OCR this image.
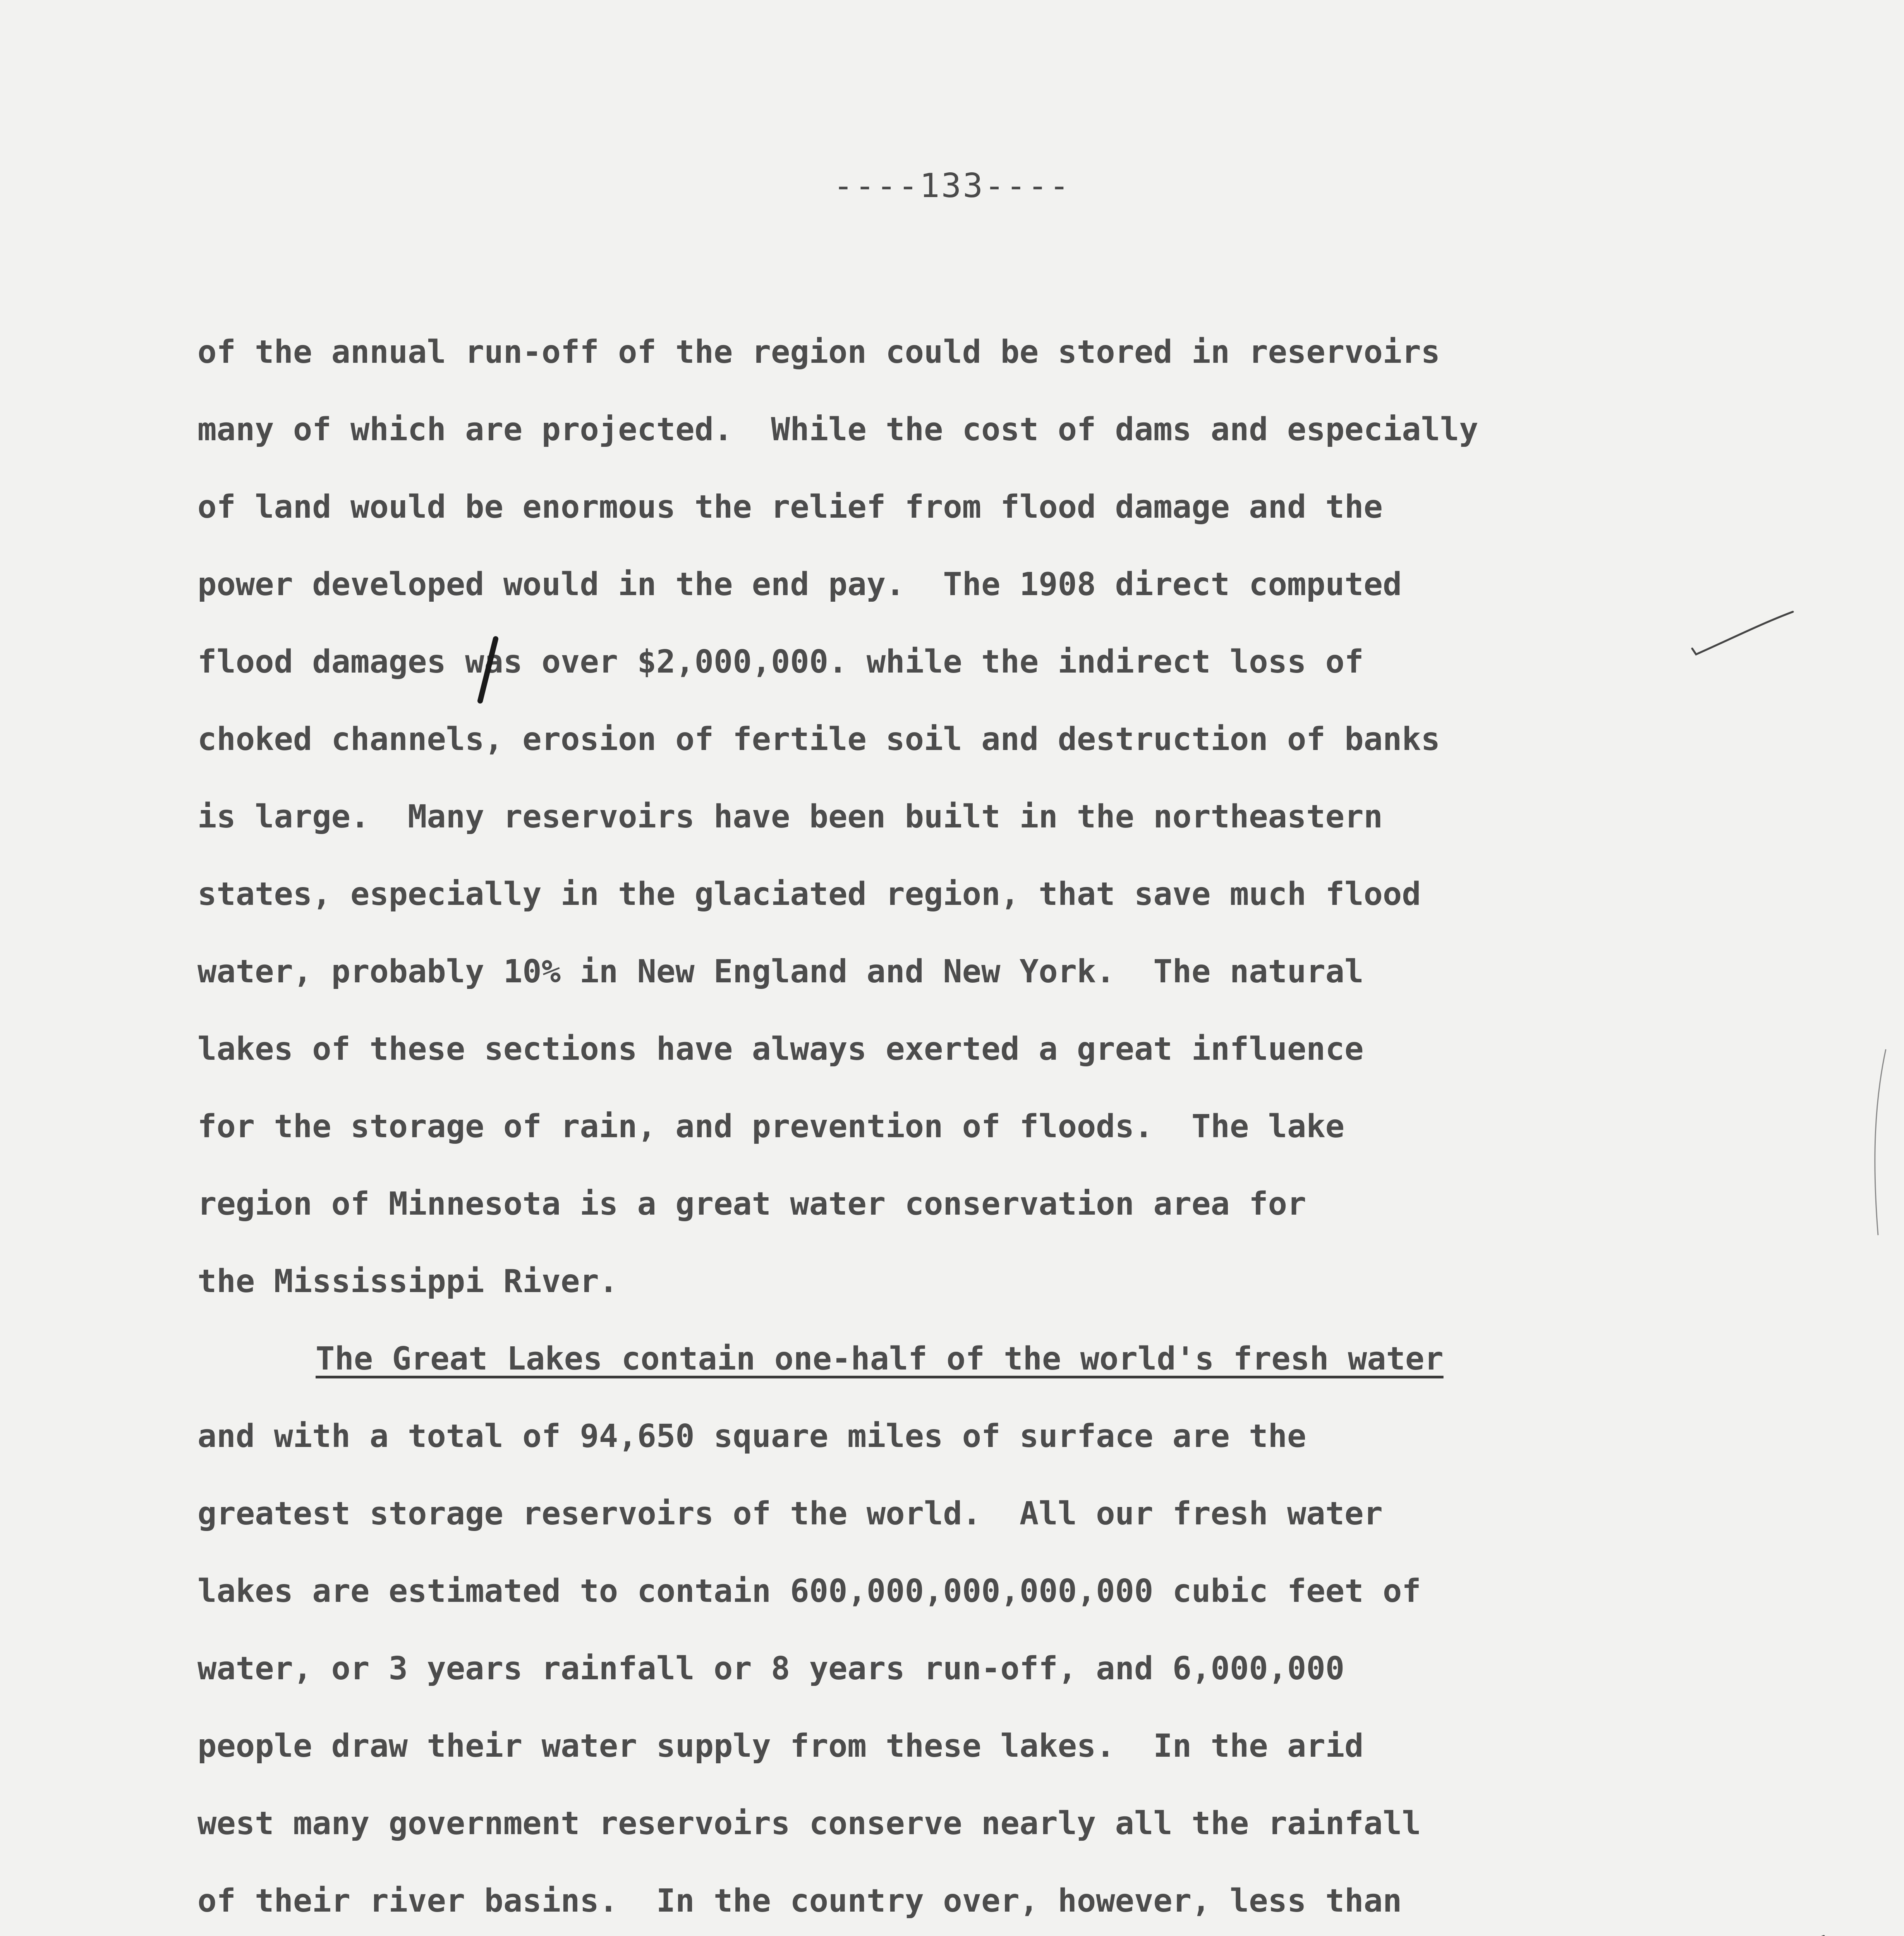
----133----
of the annual run-off of the region could be stored in reservoirs
many of which are projected.  While the cost of dams and especially
of land would be enormous the relief from flood damage and the
power developed would in the end pay.  The 1908 direct computed
flood damages was over $2,000,000. while the indirect loss of
choked channels, erosion of fertile soil and destruction of banks
is large.  Many reservoirs have been built in the northeastern
states, especially in the glaciated region, that save much flood
water, probably 10% in New England and New York.  The natural
lakes of these sections have always exerted a great influence
for the storage of rain, and prevention of floods.  The lake
region of Minnesota is a great water conservation area for
the Mississippi River.
The Great Lakes contain one-half of the world's fresh water
and with a total of 94,650 square miles of surface are the
greatest storage reservoirs of the world.  All our fresh water
lakes are estimated to contain 600,000,000,000,000 cubic feet of
water, or 3 years rainfall or 8 years run-off, and 6,000,000
people draw their water supply from these lakes.  In the arid
west many government reservoirs conserve nearly all the rainfall
of their river basins.  In the country over, however, less than
